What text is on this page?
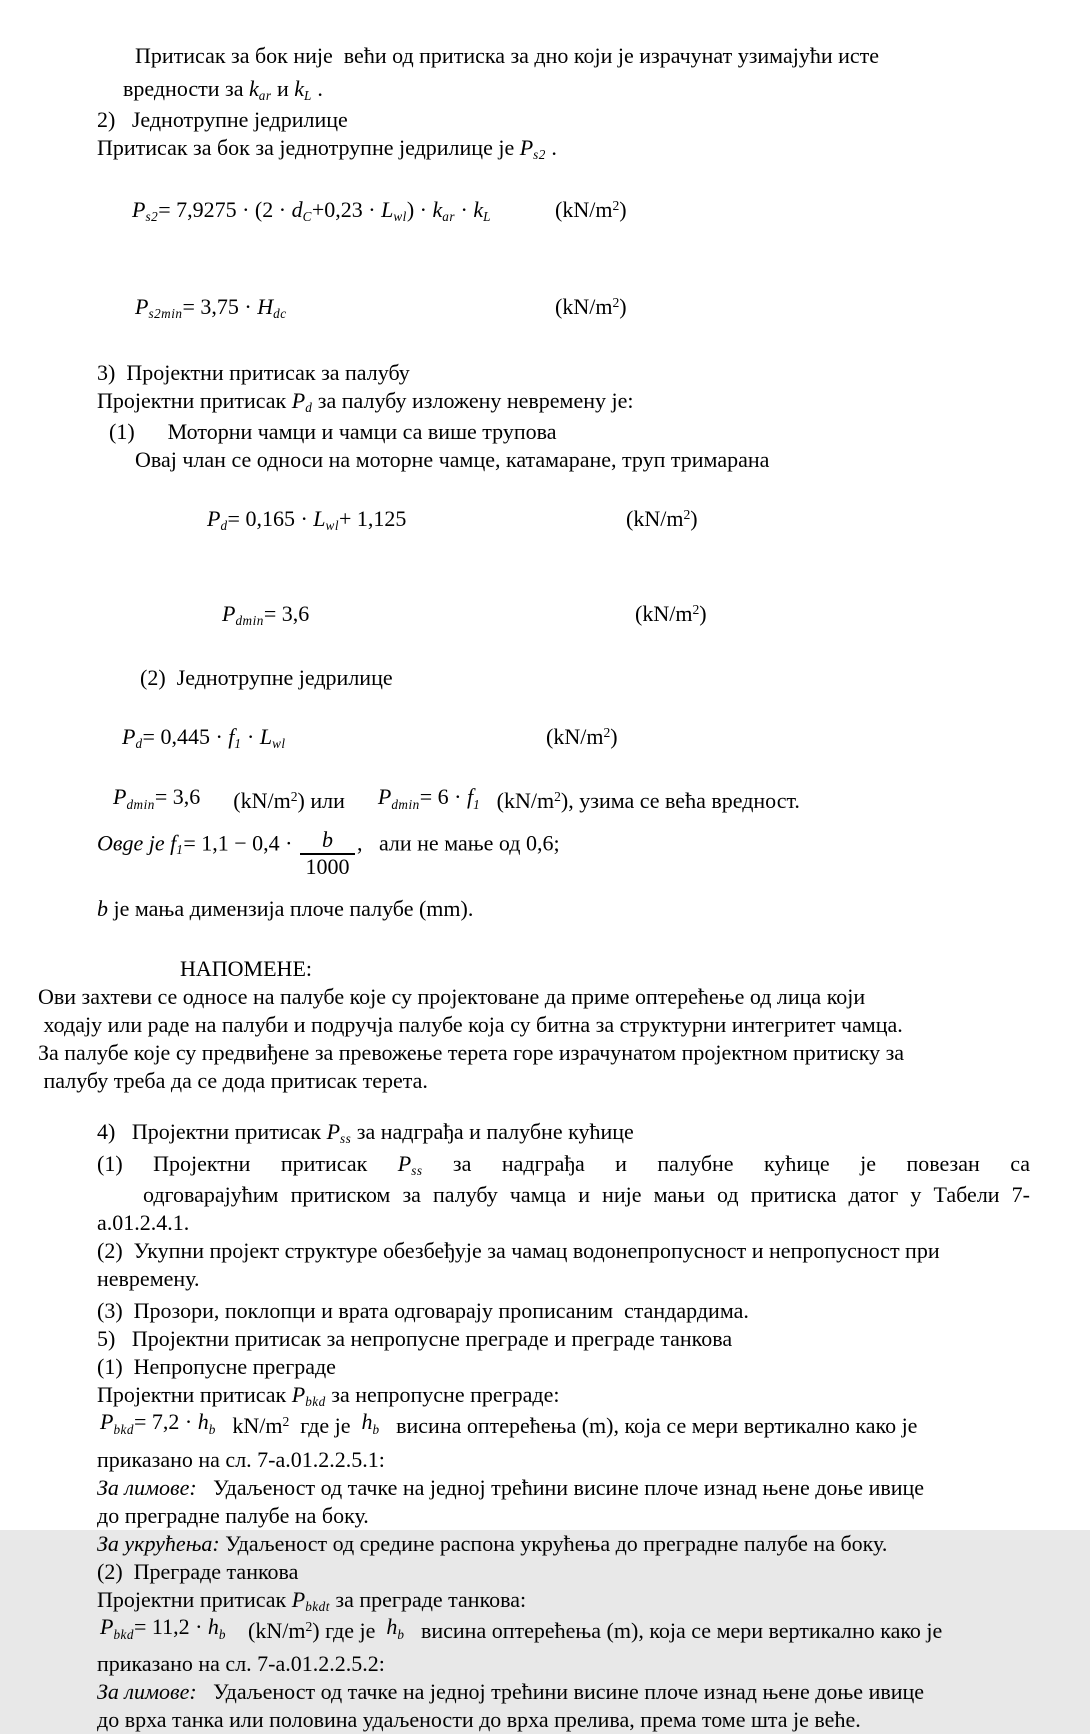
Притисак за бок није  већи од притиска за дно који је израчунат узимајући исте
вредности за kar и kL .
2)   Једнотрупне једрилице
Притисак за бок за једнотрупне једрилице је Ps2 .

Ps2= 7,9275 · (2 · dC+0,23 · Lwl) · kar · kL	$(kN/m^2)$

Ps2min= 3,75 · Hdc	$(kN/m^2)$

3)  Пројектни притисак за палубу
Пројектни притисак Pd за палубу изложену невремену је:
(1)      Моторни чамци и чамци са више трупова
Овај члан се односи на моторне чамце, катамаране, труп тримарана

Pd= 0,165 · Lwl+ 1,125	$(kN/m^2)$

Pdmin= 3,6	$(kN/m^2)$

(2)  Једнотрупне једрилице

Pd= 0,445 · f1 · Lwl	$(kN/m^2)$

Pdmin= 3,6      $(kN/m^2)$ или      Pdmin= 6 · f1   $(kN/m^2)$, узима се већа вредност.
Овде је $f1= 1,1 - 0,4 \cdot \frac{b}{1000}$ ,   али не мање од 0,6;
b је мања димензија плоче палубе (mm).
НАПОМЕНЕ:
Ови захтеви се односе на палубе које су пројектоване да приме оптерећење од лица који
ходају или раде на палуби и подручја палубе која су битна за структурни интегритет чамца.
За палубе које су предвиђене за превожење терета горе израчунатом пројектном притиску за
палубу треба да се дода притисак терета.
4)   Пројектни притисак Pss за надграђа и палубне кућице
(1) Пројектни притисак Pss за надграђа и палубне кућице је повезан са
одговарајућим притиском за палубу чамца и није мањи од притиска датог у Табели 7-
а.01.2.4.1.
(2)  Укупни пројект структуре обезбеђује за чамац водонепропусност и непропусност при
невремену.
(3)  Прозори, поклопци и врата одговарају прописаним  стандардима.
5)   Пројектни притисак за непропусне преграде и преграде танкова
(1)  Непропусне преграде
Пројектни притисак Pbkd за непропусне преграде:
Pbkd= 7,2 · hb   $kN/m^2$  где је  hb   висина оптерећења (m), која се мери вертикално како је
приказано на сл. 7-а.01.2.2.5.1:
За лимове:   Удаљеност од тачке на једној трећини висине плоче изнад њене доње ивице
до преградне палубе на боку.
За укрућења: Удаљеност од средине распона укрућења до преградне палубе на боку.
(2)  Преграде танкова
Пројектни притисак Pbkdt за преграде танкова:
Pbkd= 11,2 · hb    $(kN/m^2)$ где је  hb   висина оптерећења (m), која се мери вертикално како је
приказано на сл. 7-а.01.2.2.5.2:
За лимове:   Удаљеност од тачке на једној трећини висине плоче изнад њене доње ивице
до врха танка или половина удаљености до врха прелива, према томе шта је веће.
